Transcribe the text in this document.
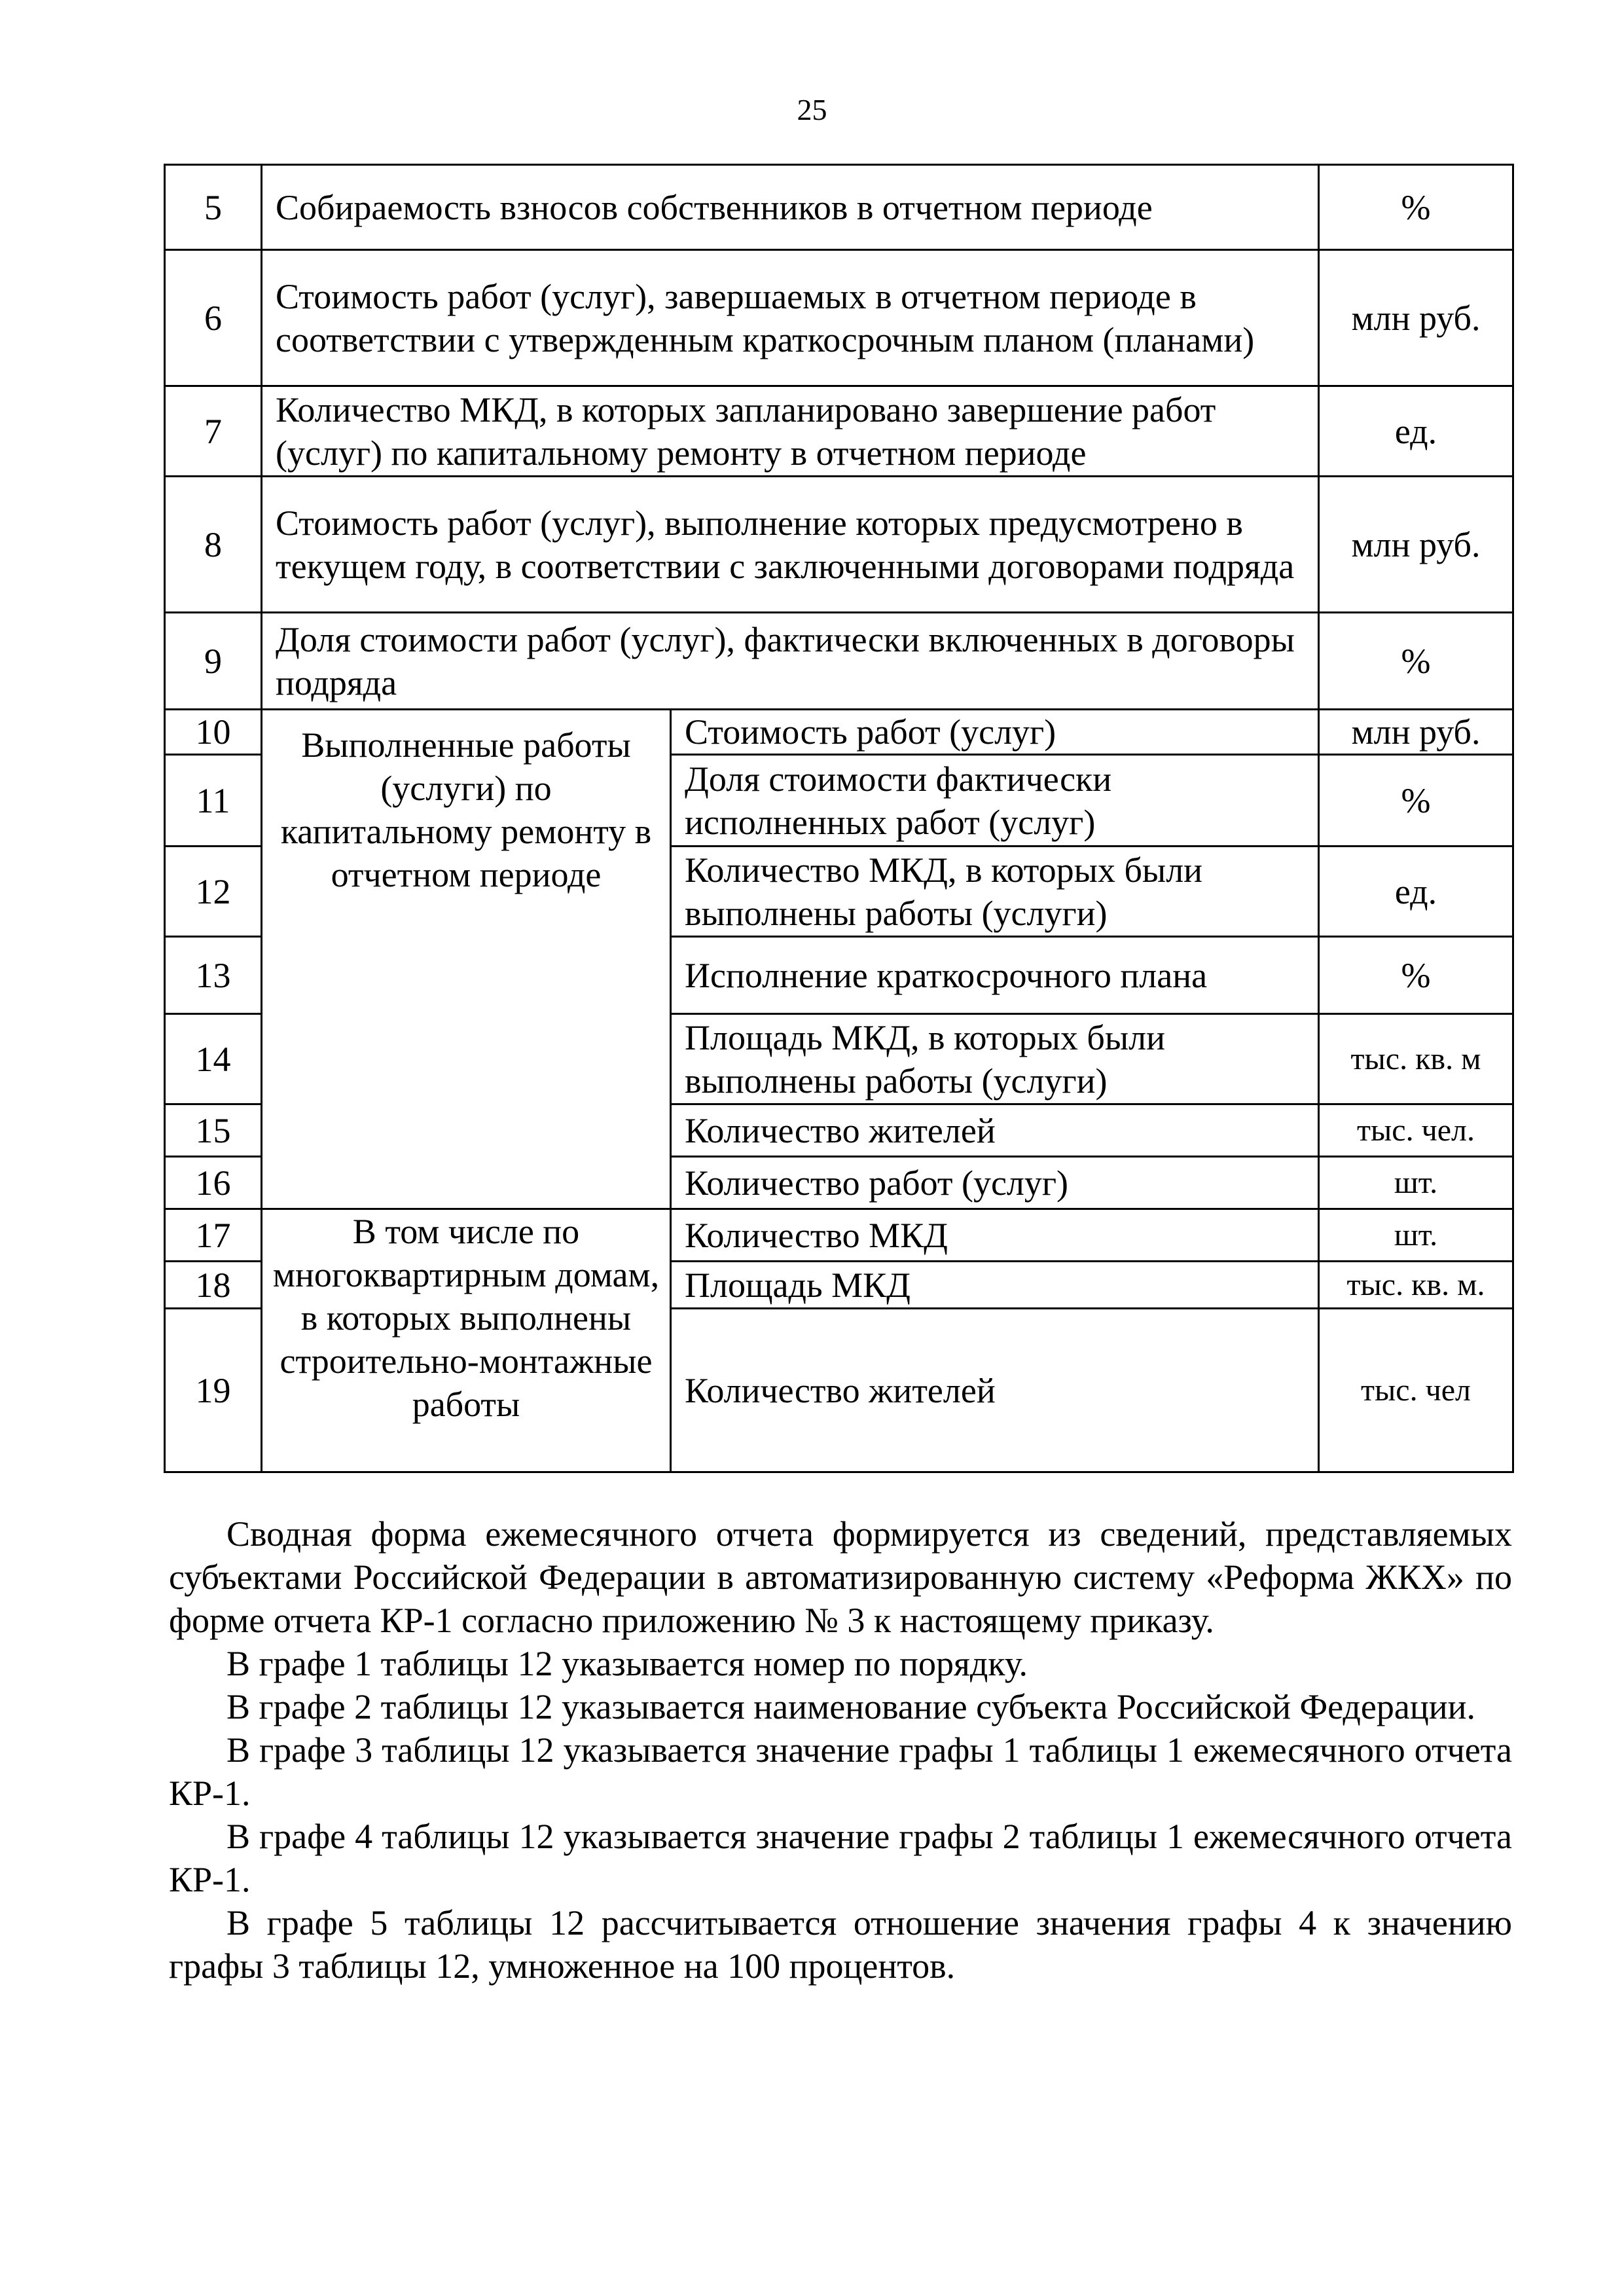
25
5	Собираемость взносов собственников в отчетном периоде		%
6	Стоимость работ (услуг), завершаемых в отчетном периоде в соответствии с утвержденным краткосрочным планом (планами)		млн руб.
7	Количество МКД, в которых запланировано завершение работ (услуг) по капитальному ремонту в отчетном периоде		ед.
8	Стоимость работ (услуг), выполнение которых предусмотрено в текущем году, в соответствии с заключенными договорами подряда		млн руб.
9	Доля стоимости работ (услуг), фактически включенных в договоры подряда		%
10	Выполненные работы (услуги) по капитальному ремонту в отчетном периоде	Стоимость работ (услуг)	млн руб.
11		Доля стоимости фактически исполненных работ (услуг)	%
12		Количество МКД, в которых были выполнены работы (услуги)	ед.
13		Исполнение краткосрочного плана	%
14		Площадь МКД, в которых были выполнены работы (услуги)	тыс. кв. м
15		Количество жителей	тыс. чел.
16		Количество работ (услуг)	шт.
17	В том числе по многоквартирным домам, в которых выполнены строительно-монтажные работы	Количество МКД	шт.
18		Площадь МКД	тыс. кв. м.
19		Количество жителей	тыс. чел

Сводная форма ежемесячного отчета формируется из сведений, представляемых субъектами Российской Федерации в автоматизированную систему «Реформа ЖКХ» по форме отчета КР-1 согласно приложению № 3 к настоящему приказу.

В графе 1 таблицы 12 указывается номер по порядку.

В графе 2 таблицы 12 указывается наименование субъекта Российской Федерации.

В графе 3 таблицы 12 указывается значение графы 1 таблицы 1 ежемесячного отчета КР-1.

В графе 4 таблицы 12 указывается значение графы 2 таблицы 1 ежемесячного отчета КР-1.

В графе 5 таблицы 12 рассчитывается отношение значения графы 4 к значению графы 3 таблицы 12, умноженное на 100 процентов.
